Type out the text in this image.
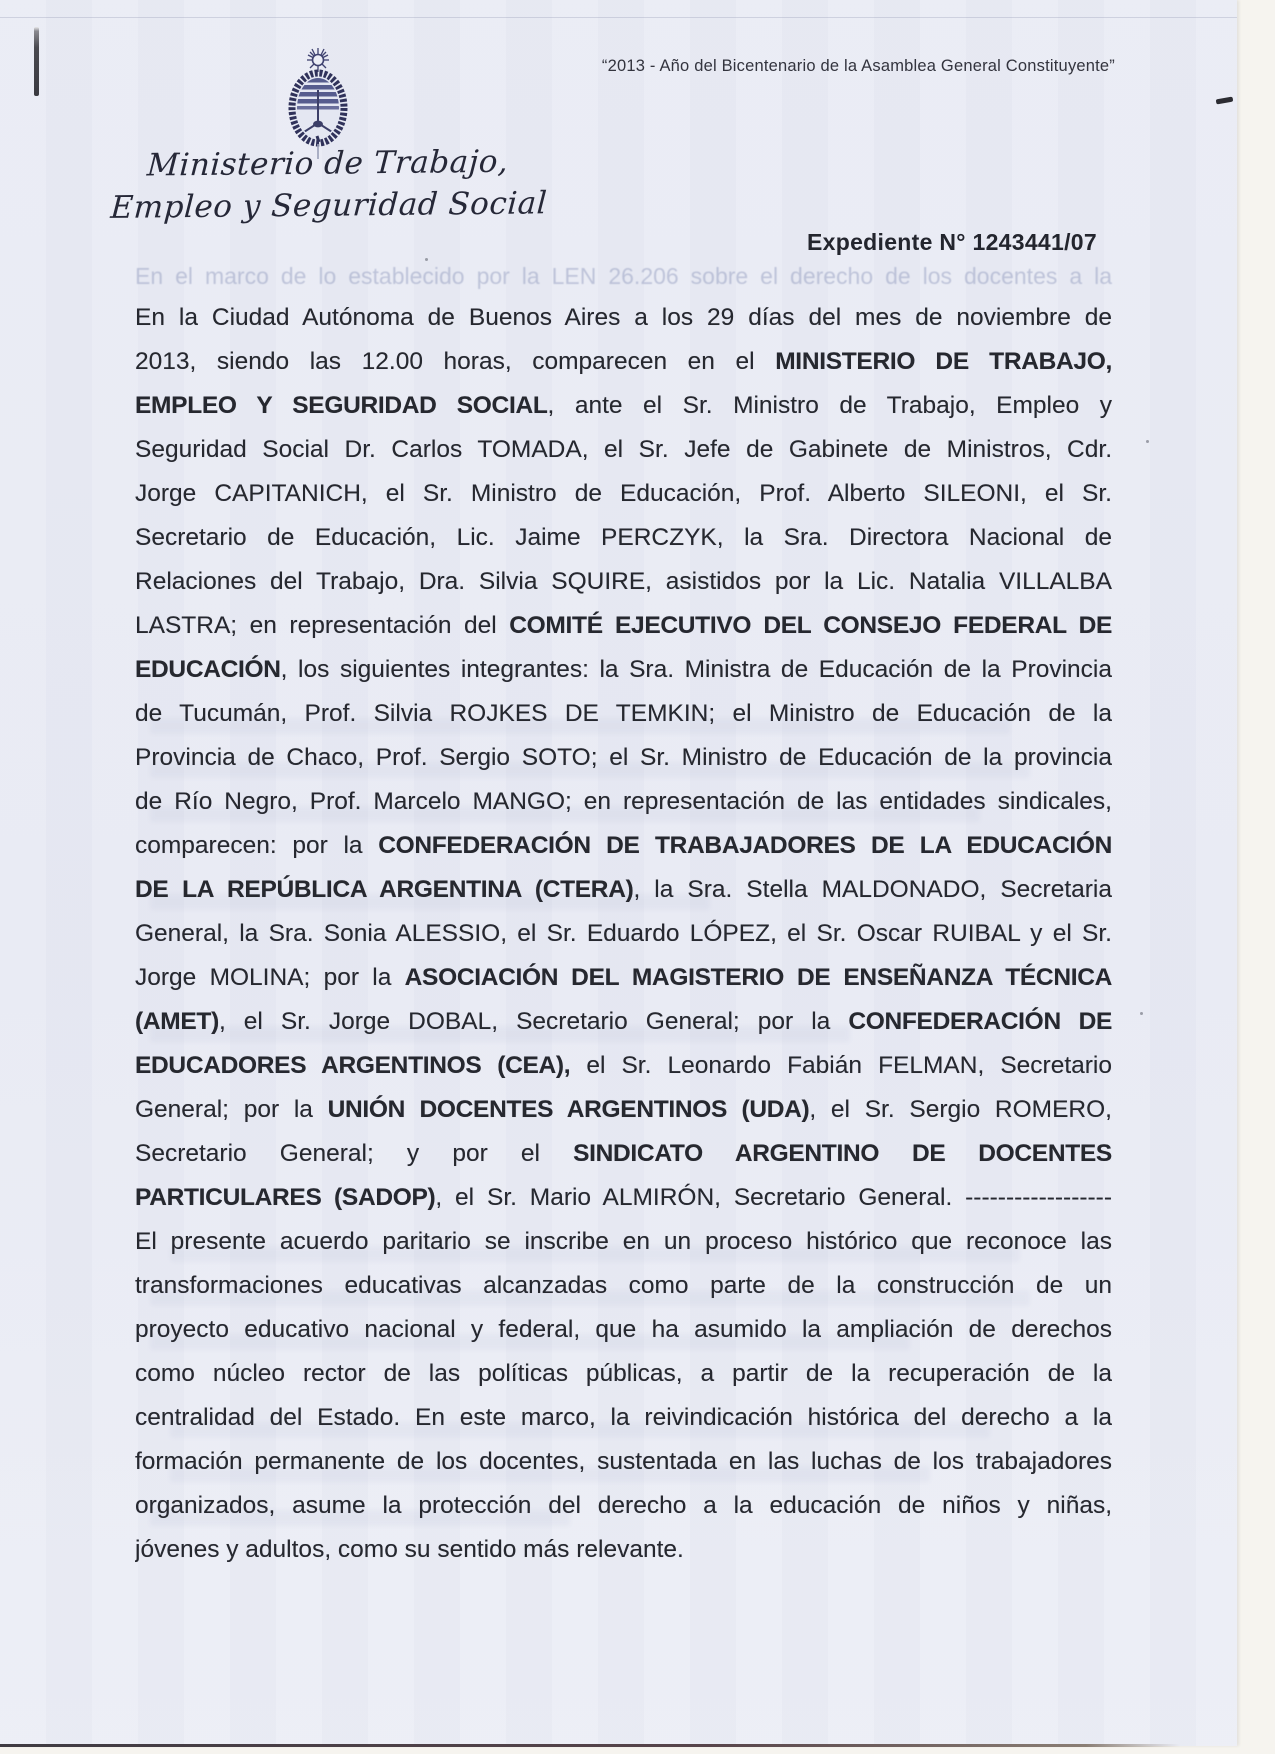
“2013 - Año del Bicentenario de la Asamblea General Constituyente”
Ministerio de Trabajo,
Empleo y Seguridad Social
Expediente N° 1243441/07
En el marco de lo establecido por la LEN 26.206 sobre el derecho de los docentes a la
En la Ciudad Autónoma de Buenos Aires a los 29 días del mes de noviembre de
2013, siendo las 12.00 horas, comparecen en el MINISTERIO DE TRABAJO,
EMPLEO Y SEGURIDAD SOCIAL, ante el Sr. Ministro de Trabajo, Empleo y
Seguridad Social Dr. Carlos TOMADA, el Sr. Jefe de Gabinete de Ministros, Cdr.
Jorge CAPITANICH, el Sr. Ministro de Educación, Prof. Alberto SILEONI, el Sr.
Secretario de Educación, Lic. Jaime PERCZYK, la Sra. Directora Nacional de
Relaciones del Trabajo, Dra. Silvia SQUIRE, asistidos por la Lic. Natalia VILLALBA
LASTRA; en representación del COMITÉ EJECUTIVO DEL CONSEJO FEDERAL DE
EDUCACIÓN, los siguientes integrantes: la Sra. Ministra de Educación de la Provincia
de Tucumán, Prof. Silvia ROJKES DE TEMKIN; el Ministro de Educación de la
Provincia de Chaco, Prof. Sergio SOTO; el Sr. Ministro de Educación de la provincia
de Río Negro, Prof. Marcelo MANGO; en representación de las entidades sindicales,
comparecen: por la CONFEDERACIÓN DE TRABAJADORES DE LA EDUCACIÓN
DE LA REPÚBLICA ARGENTINA (CTERA), la Sra. Stella MALDONADO, Secretaria
General, la Sra. Sonia ALESSIO, el Sr. Eduardo LÓPEZ, el Sr. Oscar RUIBAL y el Sr.
Jorge MOLINA; por la ASOCIACIÓN DEL MAGISTERIO DE ENSEÑANZA TÉCNICA
(AMET), el Sr. Jorge DOBAL, Secretario General; por la CONFEDERACIÓN DE
EDUCADORES ARGENTINOS (CEA), el Sr. Leonardo Fabián FELMAN, Secretario
General; por la UNIÓN DOCENTES ARGENTINOS (UDA), el Sr. Sergio ROMERO,
Secretario General; y por el SINDICATO ARGENTINO DE DOCENTES
PARTICULARES (SADOP), el Sr. Mario ALMIRÓN, Secretario General. ------------------
El presente acuerdo paritario se inscribe en un proceso histórico que reconoce las
transformaciones educativas alcanzadas como parte de la construcción de un
proyecto educativo nacional y federal, que ha asumido la ampliación de derechos
como núcleo rector de las políticas públicas, a partir de la recuperación de la
centralidad del Estado. En este marco, la reivindicación histórica del derecho a la
formación permanente de los docentes, sustentada en las luchas de los trabajadores
organizados, asume la protección del derecho a la educación de niños y niñas,
jóvenes y adultos, como su sentido más relevante.
